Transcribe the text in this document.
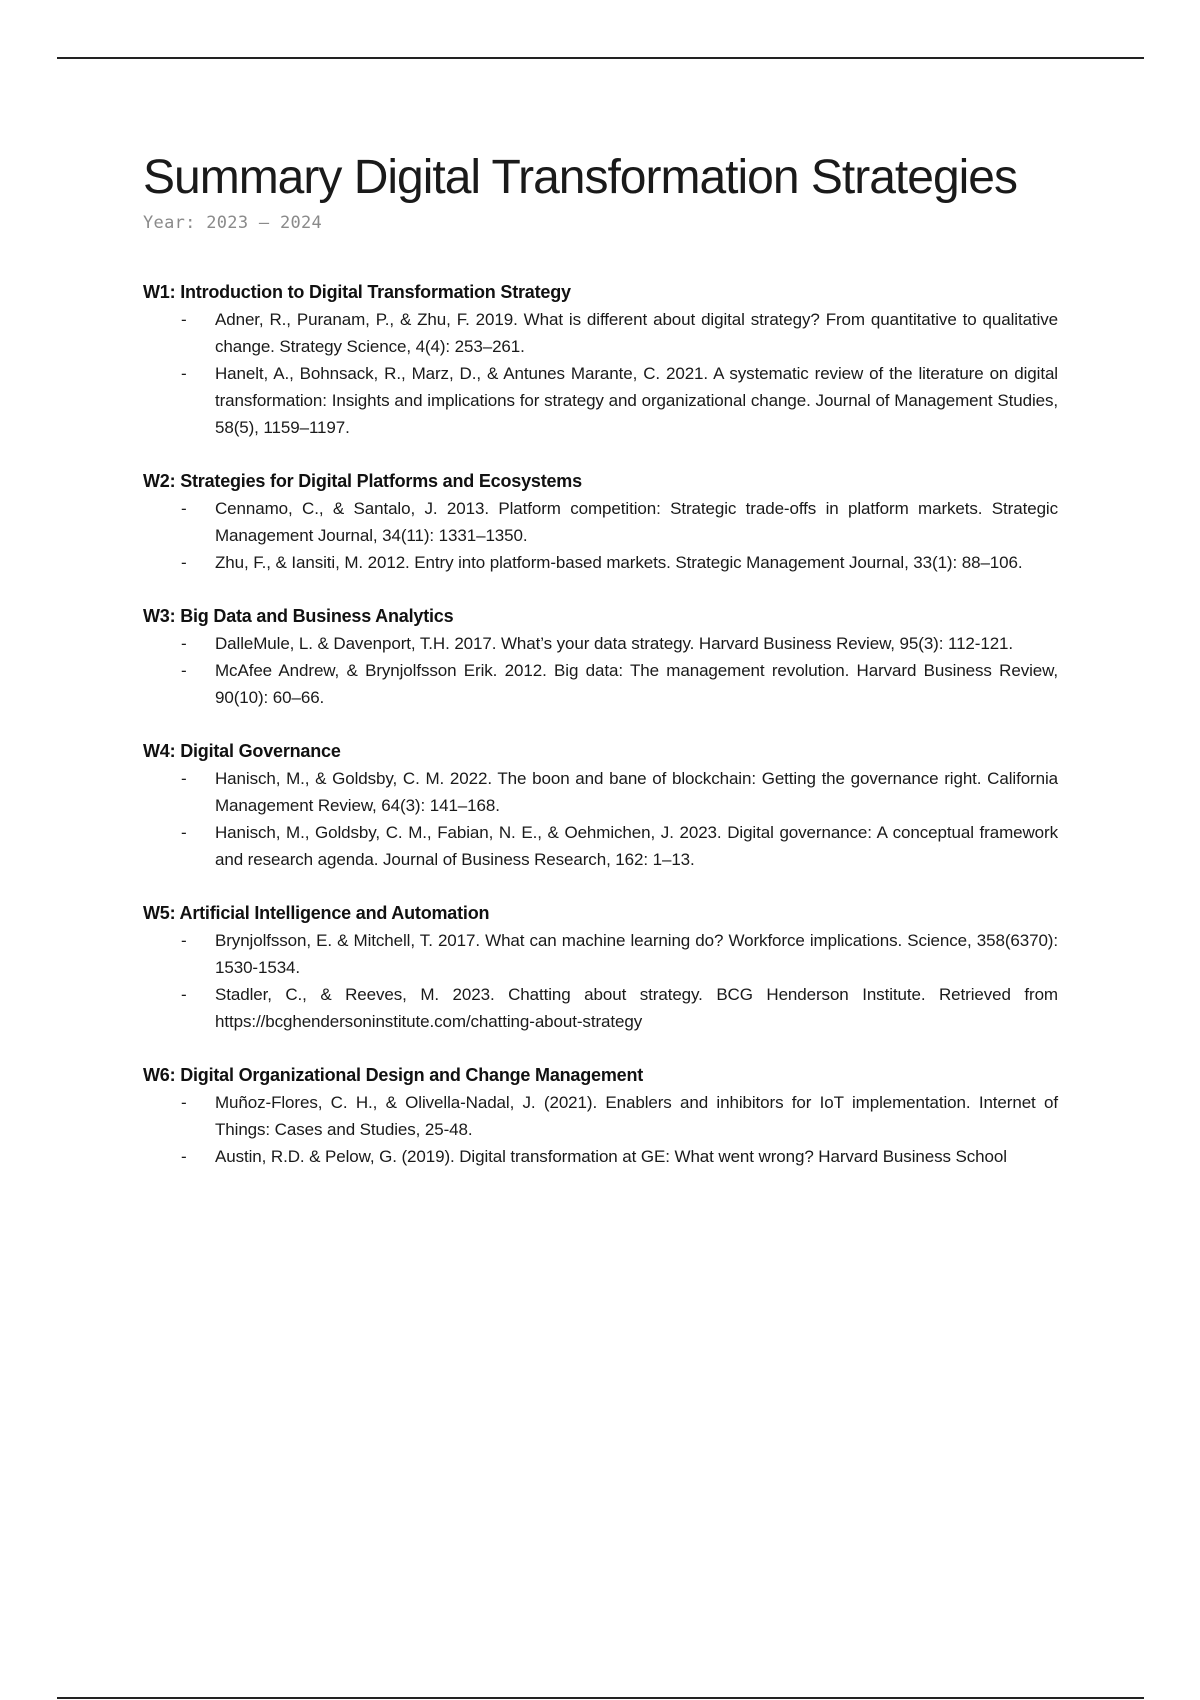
Summary Digital Transformation Strategies
Year: 2023 – 2024
W1: Introduction to Digital Transformation Strategy
- Adner, R., Puranam, P., & Zhu, F. 2019. What is different about digital strategy? From quantitative to qualitative change. Strategy Science, 4(4): 253–261.
- Hanelt, A., Bohnsack, R., Marz, D., & Antunes Marante, C. 2021. A systematic review of the literature on digital transformation: Insights and implications for strategy and organizational change. Journal of Management Studies, 58(5), 1159–1197.
W2: Strategies for Digital Platforms and Ecosystems
- Cennamo, C., & Santalo, J. 2013. Platform competition: Strategic trade-offs in platform markets. Strategic Management Journal, 34(11): 1331–1350.
- Zhu, F., & Iansiti, M. 2012. Entry into platform-based markets. Strategic Management Journal, 33(1): 88–106.
W3: Big Data and Business Analytics
- DalleMule, L. & Davenport, T.H. 2017. What’s your data strategy. Harvard Business Review, 95(3): 112-121.
- McAfee Andrew, & Brynjolfsson Erik. 2012. Big data: The management revolution. Harvard Business Review, 90(10): 60–66.
W4: Digital Governance
- Hanisch, M., & Goldsby, C. M. 2022. The boon and bane of blockchain: Getting the governance right. California Management Review, 64(3): 141–168.
- Hanisch, M., Goldsby, C. M., Fabian, N. E., & Oehmichen, J. 2023. Digital governance: A conceptual framework and research agenda. Journal of Business Research, 162: 1–13.
W5: Artificial Intelligence and Automation
- Brynjolfsson, E. & Mitchell, T. 2017. What can machine learning do? Workforce implications. Science, 358(6370): 1530-1534.
- Stadler, C., & Reeves, M. 2023. Chatting about strategy. BCG Henderson Institute. Retrieved from https://bcghendersoninstitute.com/chatting-about-strategy
W6: Digital Organizational Design and Change Management
- Muñoz-Flores, C. H., & Olivella-Nadal, J. (2021). Enablers and inhibitors for IoT implementation. Internet of Things: Cases and Studies, 25-48.
- Austin, R.D. & Pelow, G. (2019). Digital transformation at GE: What went wrong? Harvard Business School
